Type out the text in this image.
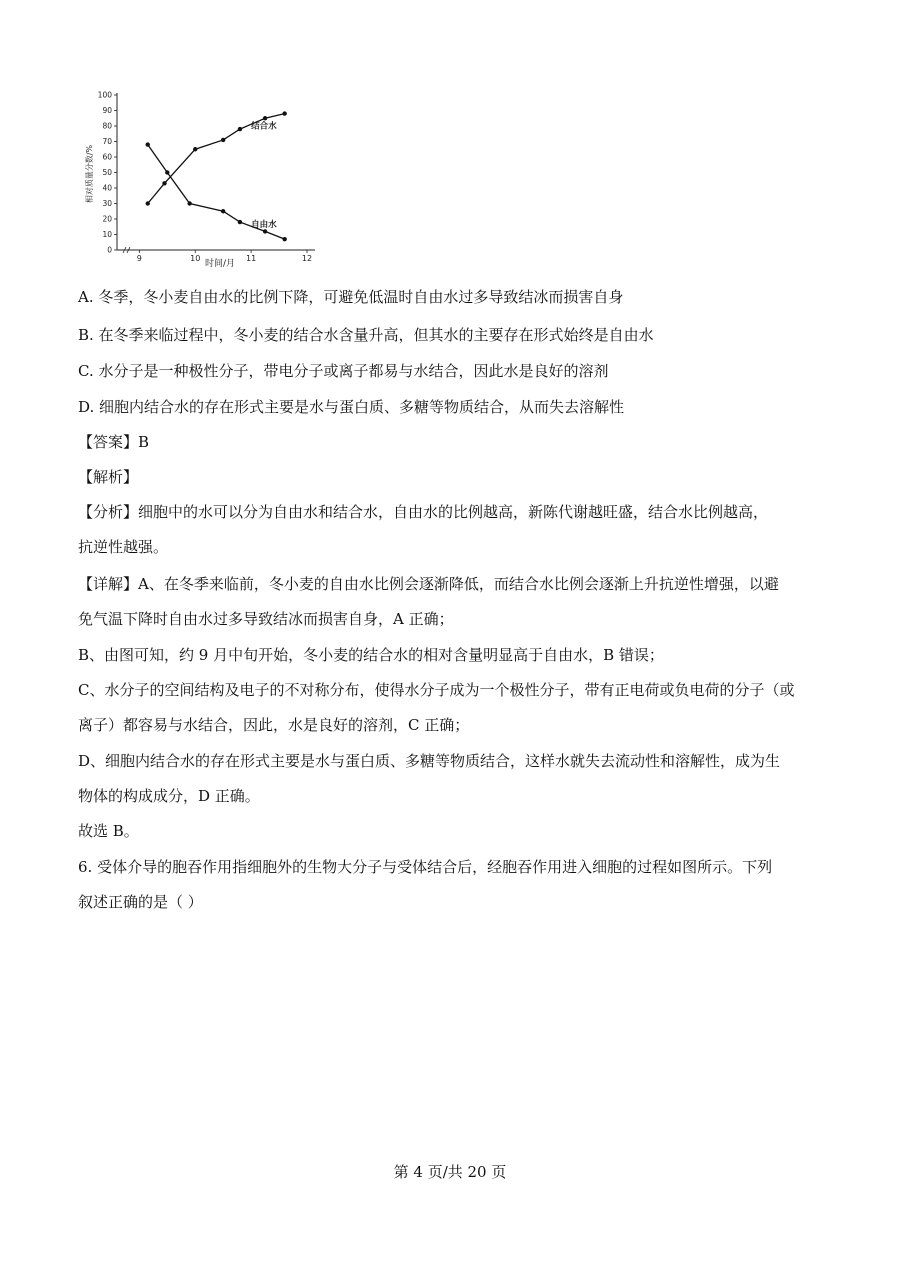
0
10
20
30
40
50
60
70
80
90
100
9	10	11	12
结合水
自由水
相对质量分数/%
时间/月
A. 冬季，冬小麦自由水的比例下降，可避免低温时自由水过多导致结冰而损害自身
B. 在冬季来临过程中，冬小麦的结合水含量升高，但其水的主要存在形式始终是自由水
C. 水分子是一种极性分子，带电分子或离子都易与水结合，因此水是良好的溶剂
D. 细胞内结合水的存在形式主要是水与蛋白质、多糖等物质结合，从而失去溶解性
【答案】B
【解析】
【分析】细胞中的水可以分为自由水和结合水，自由水的比例越高，新陈代谢越旺盛，结合水比例越高，
抗逆性越强。
【详解】A、在冬季来临前，冬小麦的自由水比例会逐渐降低，而结合水比例会逐渐上升抗逆性增强，以避
免气温下降时自由水过多导致结冰而损害自身，A 正确；
B、由图可知，约 9 月中旬开始，冬小麦的结合水的相对含量明显高于自由水，B 错误；
C、水分子的空间结构及电子的不对称分布，使得水分子成为一个极性分子，带有正电荷或负电荷的分子（或
离子）都容易与水结合，因此，水是良好的溶剂，C 正确；
D、细胞内结合水的存在形式主要是水与蛋白质、多糖等物质结合，这样水就失去流动性和溶解性，成为生
物体的构成成分，D 正确。
故选 B。
6. 受体介导的胞吞作用指细胞外的生物大分子与受体结合后，经胞吞作用进入细胞的过程如图所示。下列
叙述正确的是（ ）
第 4 页/共 20 页
